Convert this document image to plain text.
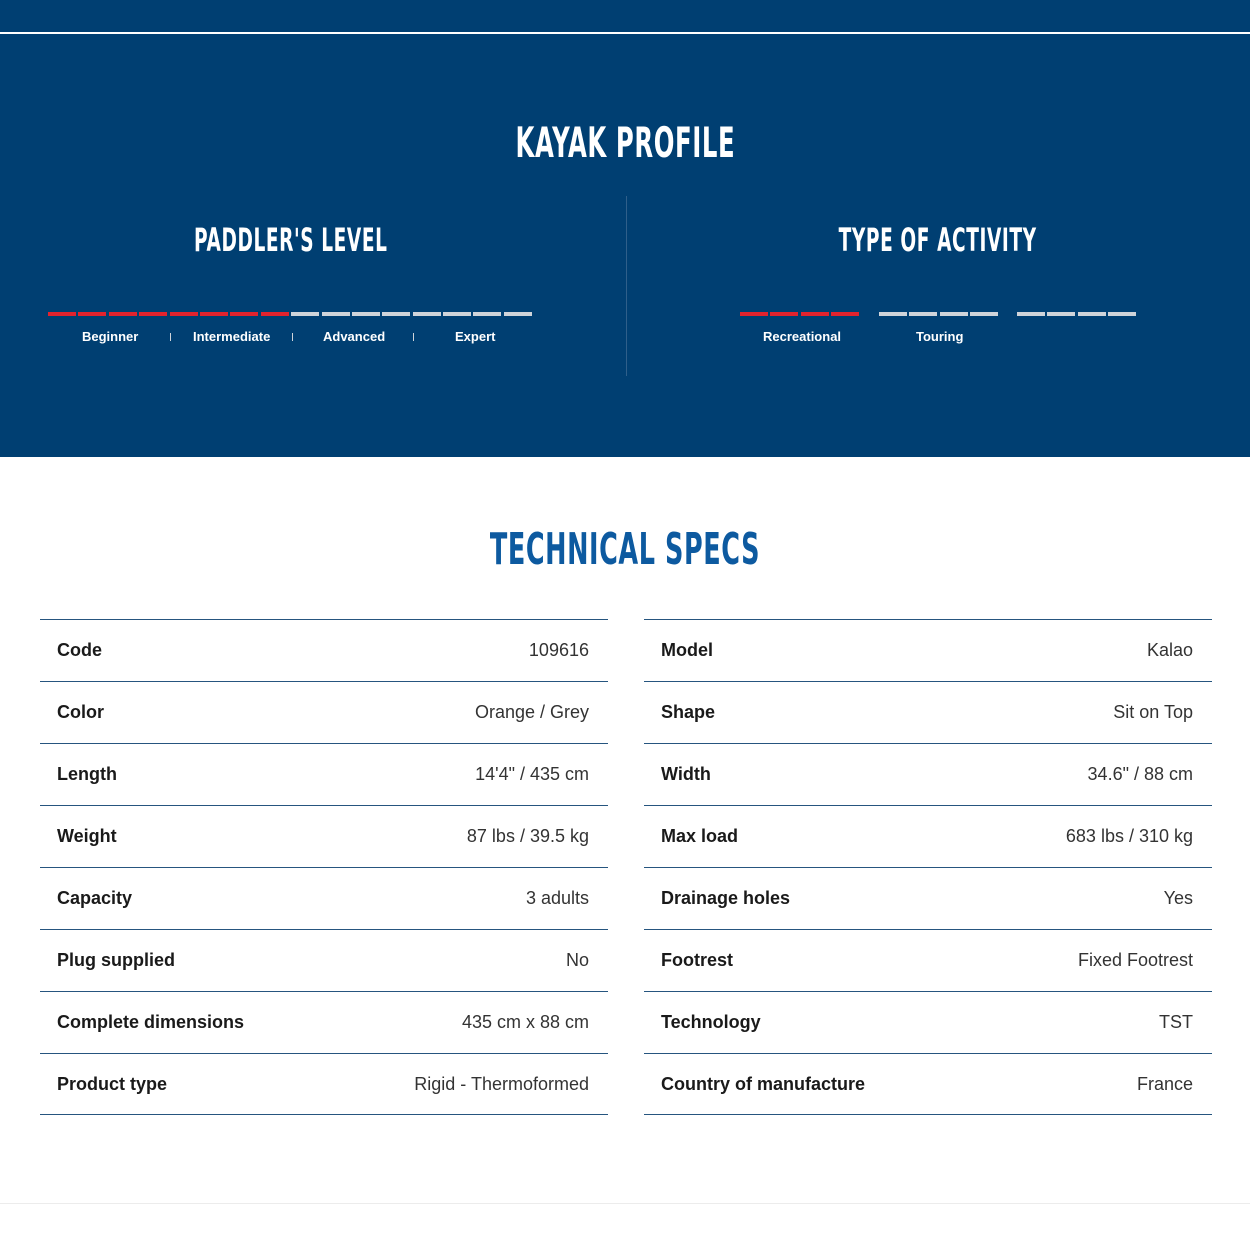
KAYAK PROFILE
PADDLER'S LEVEL	TYPE OF ACTIVITY
Beginner	Intermediate	Advanced	Expert	Recreational	Touring
TECHNICAL SPECS
Code	109616
Color	Orange / Grey
Length	14'4" / 435 cm
Weight	87 lbs / 39.5 kg
Capacity	3 adults
Plug supplied	No
Complete dimensions	435 cm x 88 cm
Product type	Rigid - Thermoformed
Model	Kalao
Shape	Sit on Top
Width	34.6" / 88 cm
Max load	683 lbs / 310 kg
Drainage holes	Yes
Footrest	Fixed Footrest
Technology	TST
Country of manufacture	France
